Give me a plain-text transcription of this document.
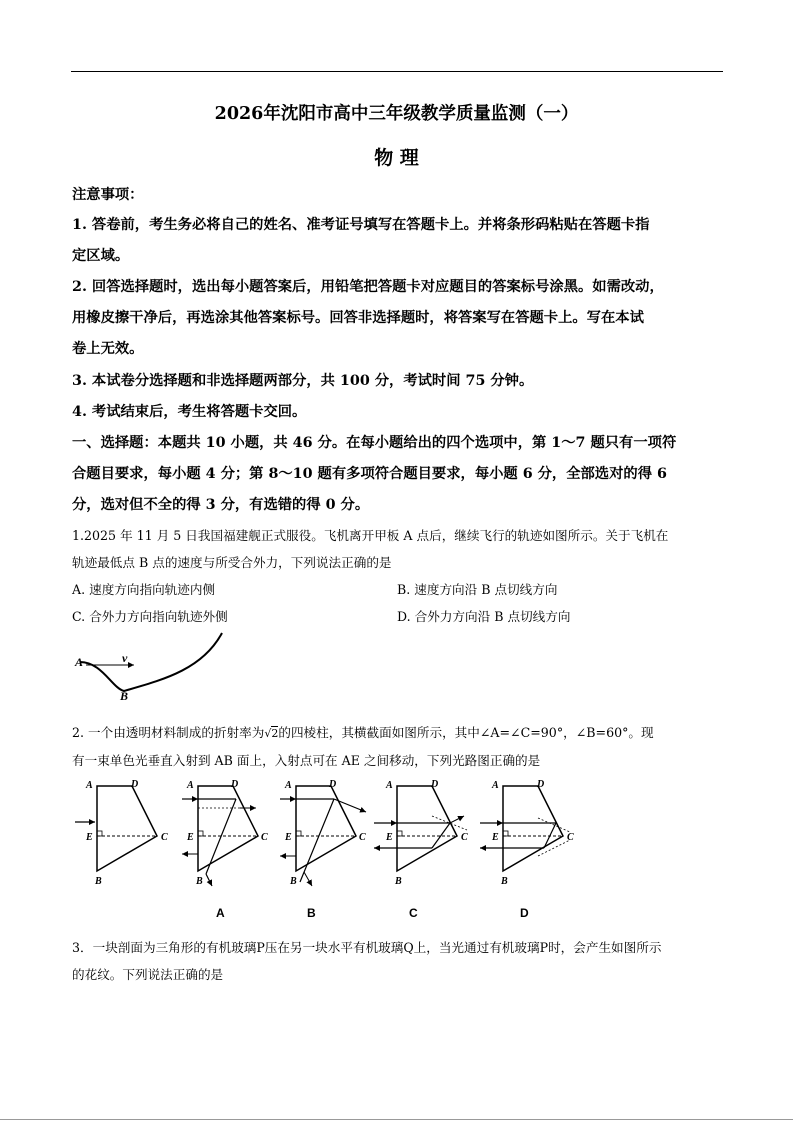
2026年沈阳市高中三年级教学质量监测（一）
物 理
注意事项：
1. 答卷前，考生务必将自己的姓名、准考证号填写在答题卡上。并将条形码粘贴在答题卡指
定区域。
2. 回答选择题时，选出每小题答案后，用铅笔把答题卡对应题目的答案标号涂黑。如需改动，
用橡皮擦干净后，再选涂其他答案标号。回答非选择题时，将答案写在答题卡上。写在本试
卷上无效。
3. 本试卷分选择题和非选择题两部分，共 100 分，考试时间 75 分钟。
4. 考试结束后，考生将答题卡交回。
一、选择题：本题共 10 小题，共 46 分。在每小题给出的四个选项中，第 1～7 题只有一项符
合题目要求，每小题 4 分；第 8～10 题有多项符合题目要求，每小题 6 分，全部选对的得 6
分，选对但不全的得 3 分，有选错的得 0 分。
1.2025 年 11 月 5 日我国福建舰正式服役。飞机离开甲板 A 点后，继续飞行的轨迹如图所示。关于飞机在
轨迹最低点 B 点的速度与所受合外力，下列说法正确的是
A. 速度方向指向轨迹内侧	B. 速度方向沿 B 点切线方向
C. 合外力方向指向轨迹外侧	D. 合外力方向沿 B 点切线方向
A	v
B
2. 一个由透明材料制成的折射率为√2的四棱柱，其横截面如图所示，其中∠A=∠C=90°，∠B=60°。现
有一束单色光垂直入射到 AB 面上，入射点可在 AE 之间移动，下列光路图正确的是
A	D
E	C
B
A	D
E	C
B
A	D
E	C
B
A	D
E	C
B
A	D
E	C
B
A	B	C	D
3．一块剖面为三角形的有机玻璃P压在另一块水平有机玻璃Q上，当光通过有机玻璃P时，会产生如图所示
的花纹。下列说法正确的是
